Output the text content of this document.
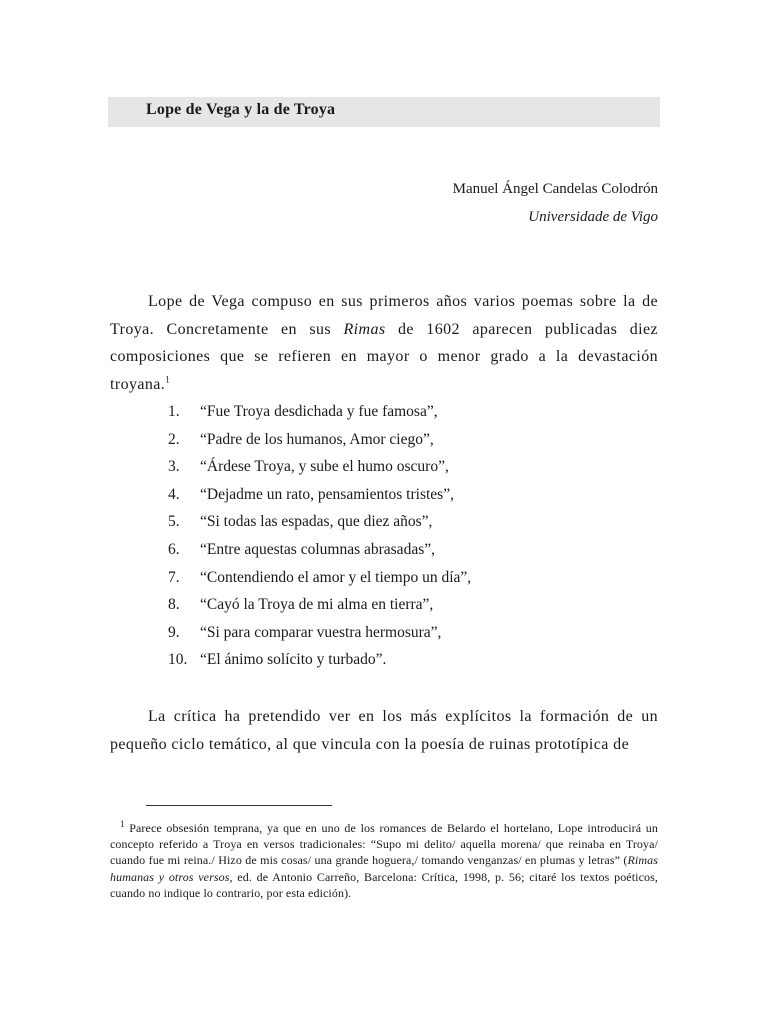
Lope de Vega y la de Troya
Manuel Ángel Candelas Colodrón
Universidade de Vigo
Lope de Vega compuso en sus primeros años varios poemas sobre la de Troya. Concretamente en sus Rimas de 1602 aparecen publicadas diez composiciones que se refieren en mayor o menor grado a la devastación troyana.$^1$
1. “Fue Troya desdichada y fue famosa”,
2. “Padre de los humanos, Amor ciego”,
3. “Árdese Troya, y sube el humo oscuro”,
4. “Dejadme un rato, pensamientos tristes”,
5. “Si todas las espadas, que diez años”,
6. “Entre aquestas columnas abrasadas”,
7. “Contendiendo el amor y el tiempo un día”,
8. “Cayó la Troya de mi alma en tierra”,
9. “Si para comparar vuestra hermosura”,
10. “El ánimo solícito y turbado”.
La crítica ha pretendido ver en los más explícitos la formación de un pequeño ciclo temático, al que vincula con la poesía de ruinas prototípica de
$^1$ Parece obsesión temprana, ya que en uno de los romances de Belardo el hortelano, Lope introducirá un concepto referido a Troya en versos tradicionales: “Supo mi delito/ aquella morena/ que reinaba en Troya/ cuando fue mi reina./ Hizo de mis cosas/ una grande hoguera,/ tomando venganzas/ en plumas y letras” (Rimas humanas y otros versos, ed. de Antonio Carreño, Barcelona: Crítica, 1998, p. 56; citaré los textos poéticos, cuando no indique lo contrario, por esta edición).
